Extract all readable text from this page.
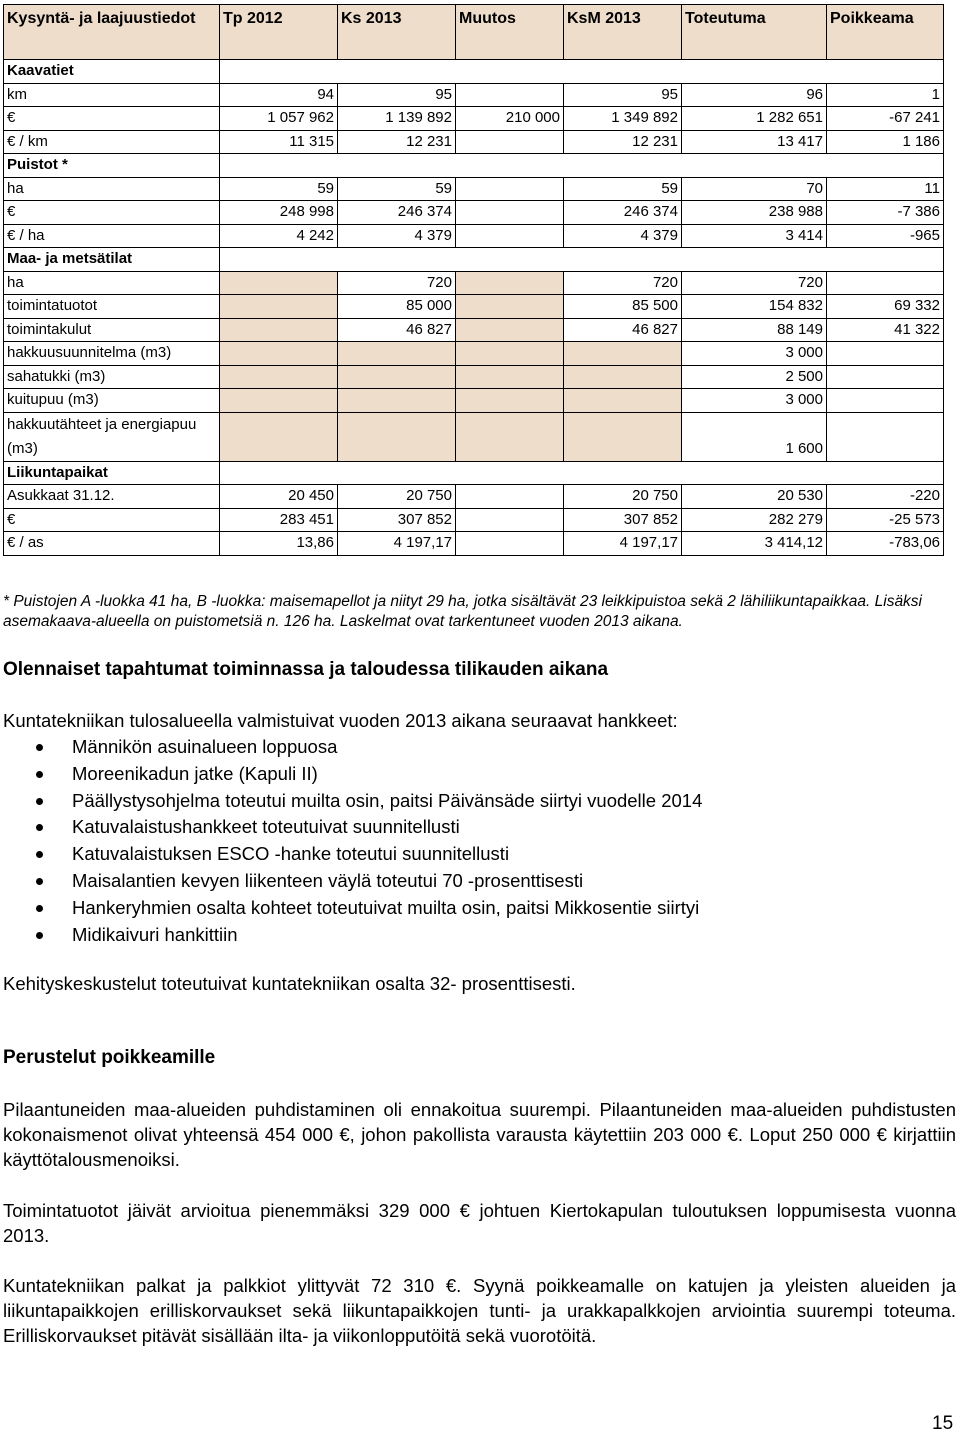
Kysyntä- ja laajuustiedot	Tp 2012	Ks 2013	Muutos	KsM 2013	Toteutuma	Poikkeama
Kaavatiet						
km	94	95		95	96	1
€	1 057 962	1 139 892	210 000	1 349 892	1 282 651	-67 241
€ / km	11 315	12 231		12 231	13 417	1 186
Puistot *						
ha	59	59		59	70	11
€	248 998	246 374		246 374	238 988	-7 386
€ / ha	4 242	4 379		4 379	3 414	-965
Maa- ja metsätilat						
ha		720		720	720	
toimintatuotot		85 000		85 500	154 832	69 332
toimintakulut		46 827		46 827	88 149	41 322
hakkuusuunnitelma (m3)					3 000	
sahatukki (m3)					2 500	
kuitupuu (m3)					3 000	
hakkuutähteet ja energiapuu (m3)					1 600	
Liikuntapaikat						
Asukkaat 31.12.	20 450	20 750		20 750	20 530	-220
€	283 451	307 852		307 852	282 279	-25 573
€ / as	13,86	4 197,17		4 197,17	3 414,12	-783,06
* Puistojen A -luokka 41 ha, B -luokka: maisemapellot ja niityt 29 ha, jotka sisältävät 23 leikkipuistoa sekä 2 lähiliikuntapaikkaa. Lisäksi asemakaava-alueella on puistometsiä n. 126 ha. Laskelmat ovat tarkentuneet vuoden 2013 aikana.
Olennaiset tapahtumat toiminnassa ja taloudessa tilikauden aikana

Kuntatekniikan tulosalueella valmistuivat vuoden 2013 aikana seuraavat hankkeet:

Männikön asuinalueen loppuosa
Moreenikadun jatke (Kapuli II)
Päällystysohjelma toteutui muilta osin, paitsi Päivänsäde siirtyi vuodelle 2014
Katuvalaistushankkeet toteutuivat suunnitellusti
Katuvalaistuksen ESCO -hanke toteutui suunnitellusti
Maisalantien kevyen liikenteen väylä toteutui 70 -prosenttisesti
Hankeryhmien osalta kohteet toteutuivat muilta osin, paitsi Mikkosentie siirtyi
Midikaivuri hankittiin

Kehityskeskustelut toteutuivat kuntatekniikan osalta 32- prosenttisesti.

Perustelut poikkeamille

Pilaantuneiden maa-alueiden puhdistaminen oli ennakoitua suurempi. Pilaantuneiden maa-alueiden puhdistusten kokonaismenot olivat yhteensä 454 000 €, johon pakollista varausta käytettiin 203 000 €. Loput 250 000 € kirjattiin käyttötalousmenoiksi.

Toimintatuotot jäivät arvioitua pienemmäksi 329 000 € johtuen Kiertokapulan tuloutuksen loppumisesta vuonna 2013.

Kuntatekniikan palkat ja palkkiot ylittyvät 72 310 €. Syynä poikkeamalle on katujen ja yleisten alueiden ja liikuntapaikkojen erilliskorvaukset sekä liikuntapaikkojen tunti- ja urakkapalkkojen arviointia suurempi toteuma. Erilliskorvaukset pitävät sisällään ilta- ja viikonlopputöitä sekä vuorotöitä.

15
